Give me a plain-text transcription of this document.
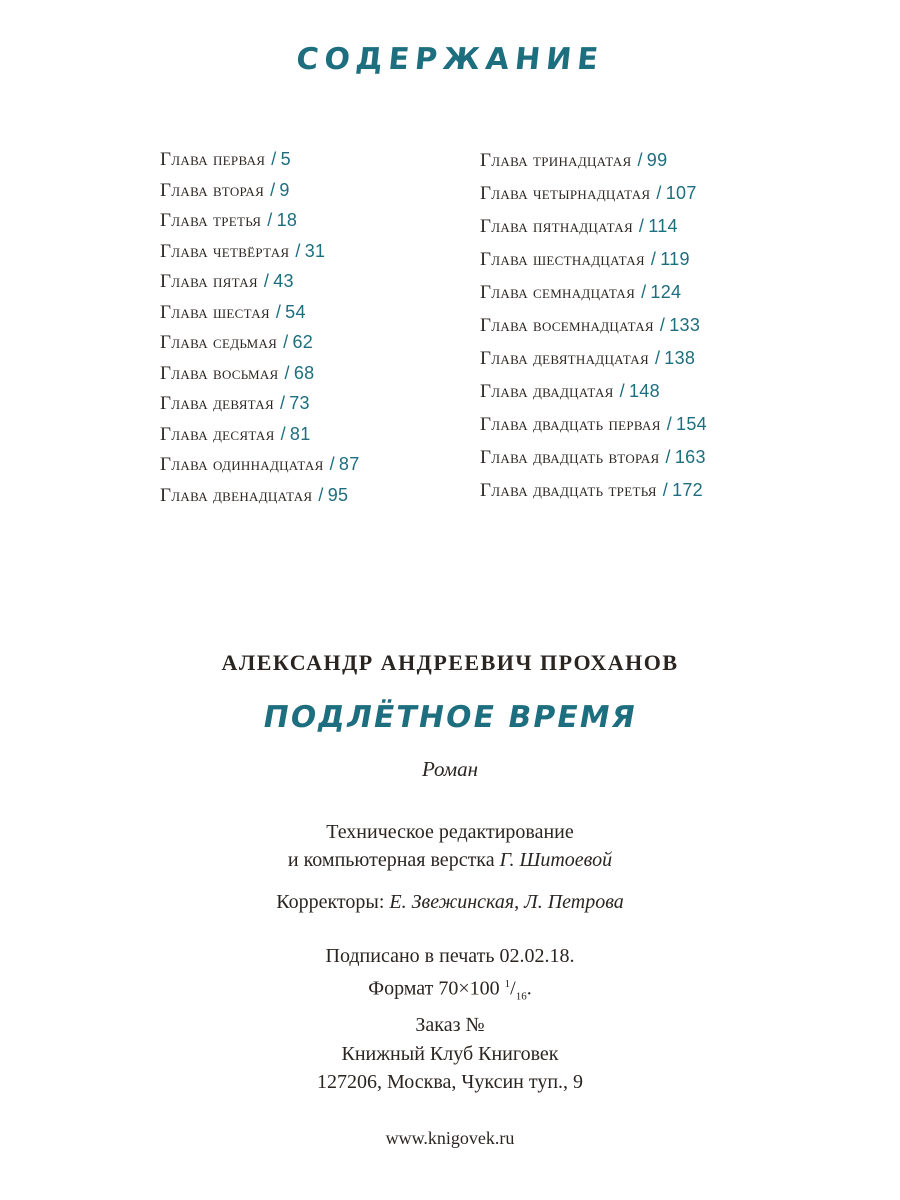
СОДЕРЖАНИЕ
Глава первая / 5
Глава вторая / 9
Глава третья / 18
Глава четвёртая / 31
Глава пятая / 43
Глава шестая / 54
Глава седьмая / 62
Глава восьмая / 68
Глава девятая / 73
Глава десятая / 81
Глава одиннадцатая / 87
Глава двенадцатая / 95
Глава тринадцатая / 99
Глава четырнадцатая / 107
Глава пятнадцатая / 114
Глава шестнадцатая / 119
Глава семнадцатая / 124
Глава восемнадцатая / 133
Глава девятнадцатая / 138
Глава двадцатая / 148
Глава двадцать первая / 154
Глава двадцать вторая / 163
Глава двадцать третья / 172
АЛЕКСАНДР АНДРЕЕВИЧ ПРОХАНОВ
ПОДЛЁТНОЕ ВРЕМЯ
Роман
Техническое редактирование
и компьютерная верстка Г. Шитоевой
Корректоры: Е. Звежинская, Л. Петрова
Подписано в печать 02.02.18.
Формат 70×100 $^1/_{16}$.
Заказ №
Книжный Клуб Книговек
127206, Москва, Чуксин туп., 9
www.knigovek.ru
